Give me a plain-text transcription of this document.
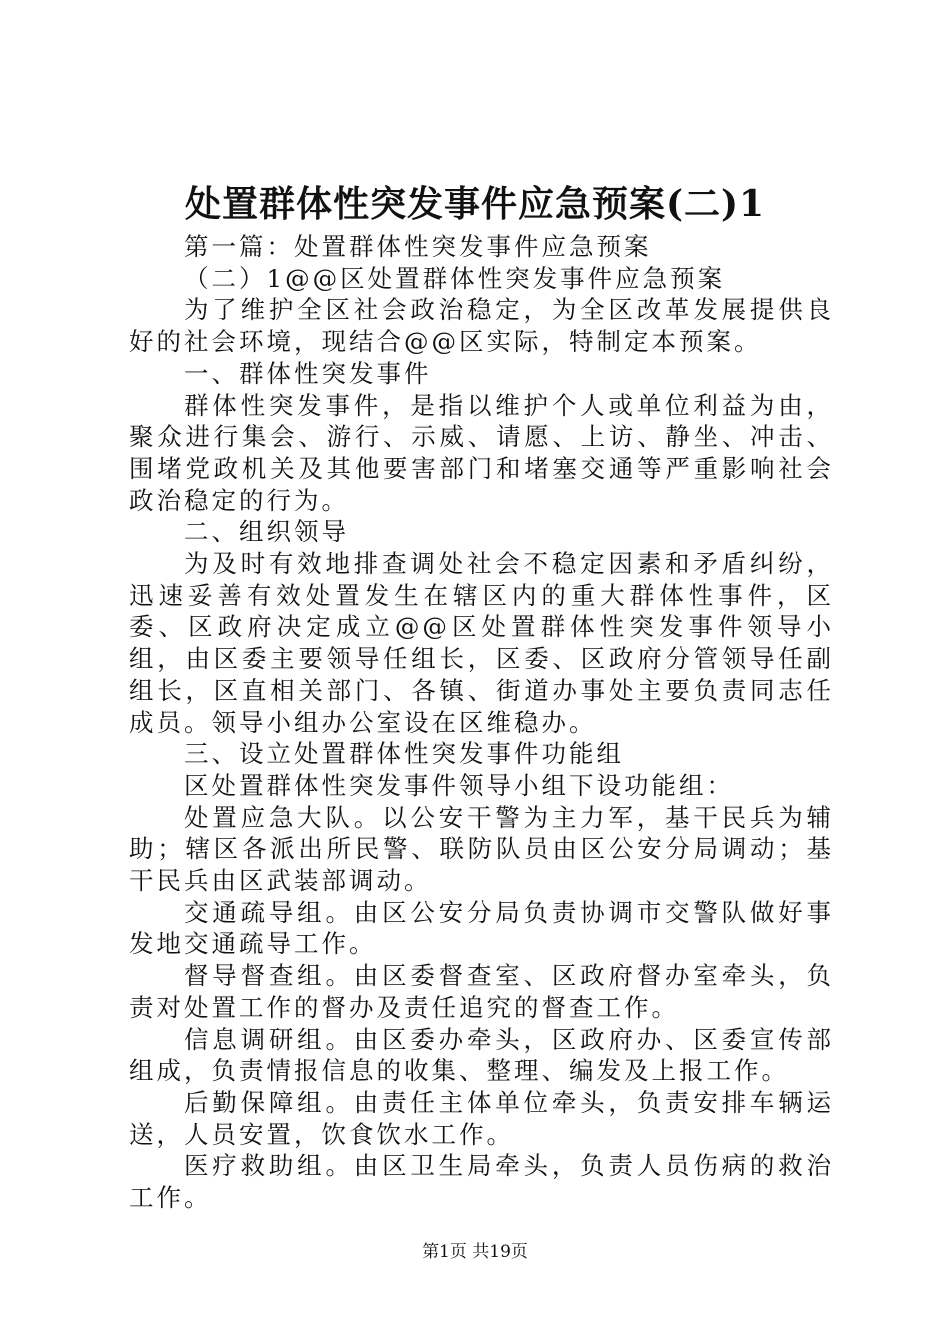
处置群体性突发事件应急预案(二)1

第一篇：处置群体性突发事件应急预案

（二）1@@区处置群体性突发事件应急预案

为了维护全区社会政治稳定，为全区改革发展提供良好的社会环境，现结合@@区实际，特制定本预案。

一、群体性突发事件

群体性突发事件，是指以维护个人或单位利益为由，聚众进行集会、游行、示威、请愿、上访、静坐、冲击、围堵党政机关及其他要害部门和堵塞交通等严重影响社会政治稳定的行为。

二、组织领导

为及时有效地排查调处社会不稳定因素和矛盾纠纷，迅速妥善有效处置发生在辖区内的重大群体性事件，区委、区政府决定成立@@区处置群体性突发事件领导小组，由区委主要领导任组长，区委、区政府分管领导任副组长，区直相关部门、各镇、街道办事处主要负责同志任成员。领导小组办公室设在区维稳办。

三、设立处置群体性突发事件功能组

区处置群体性突发事件领导小组下设功能组：

处置应急大队。以公安干警为主力军，基干民兵为辅助；辖区各派出所民警、联防队员由区公安分局调动；基干民兵由区武装部调动。

交通疏导组。由区公安分局负责协调市交警队做好事发地交通疏导工作。

督导督查组。由区委督查室、区政府督办室牵头，负责对处置工作的督办及责任追究的督查工作。

信息调研组。由区委办牵头，区政府办、区委宣传部组成，负责情报信息的收集、整理、编发及上报工作。

后勤保障组。由责任主体单位牵头，负责安排车辆运送，人员安置，饮食饮水工作。

医疗救助组。由区卫生局牵头，负责人员伤病的救治工作。

第1页 共19页
